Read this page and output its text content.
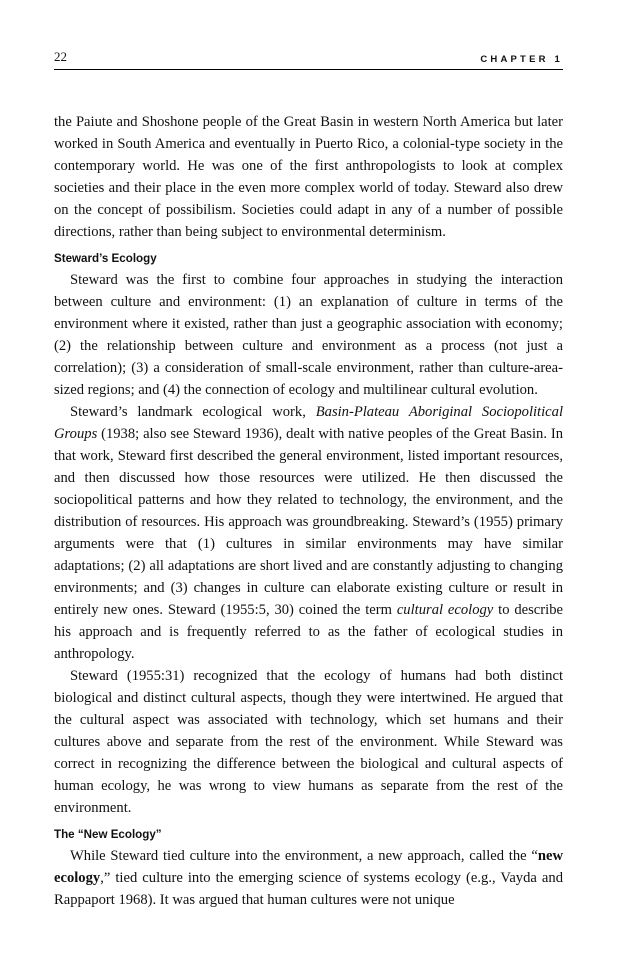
22	CHAPTER 1

the Paiute and Shoshone people of the Great Basin in western North America but later worked in South America and eventually in Puerto Rico, a colonial-type society in the contemporary world. He was one of the first anthropologists to look at complex societies and their place in the even more complex world of today. Steward also drew on the concept of possibilism. Societies could adapt in any of a number of possible directions, rather than being subject to environmental determinism.

Steward’s Ecology

Steward was the first to combine four approaches in studying the interaction between culture and environment: (1) an explanation of culture in terms of the environment where it existed, rather than just a geographic association with economy; (2) the relationship between culture and environment as a process (not just a correlation); (3) a consideration of small-scale environment, rather than culture-area-sized regions; and (4) the connection of ecology and multilinear cultural evolution.

Steward’s landmark ecological work, Basin-Plateau Aboriginal Sociopolitical Groups (1938; also see Steward 1936), dealt with native peoples of the Great Basin. In that work, Steward first described the general environment, listed important resources, and then discussed how those resources were utilized. He then discussed the sociopolitical patterns and how they related to technology, the environment, and the distribution of resources. His approach was groundbreaking. Steward’s (1955) primary arguments were that (1) cultures in similar environments may have similar adaptations; (2) all adaptations are short lived and are constantly adjusting to changing environments; and (3) changes in culture can elaborate existing culture or result in entirely new ones. Steward (1955:5, 30) coined the term cultural ecology to describe his approach and is frequently referred to as the father of ecological studies in anthropology.

Steward (1955:31) recognized that the ecology of humans had both distinct biological and distinct cultural aspects, though they were intertwined. He argued that the cultural aspect was associated with technology, which set humans and their cultures above and separate from the rest of the environment. While Steward was correct in recognizing the difference between the biological and cultural aspects of human ecology, he was wrong to view humans as separate from the rest of the environment.

The “New Ecology”

While Steward tied culture into the environment, a new approach, called the “new ecology,” tied culture into the emerging science of systems ecology (e.g., Vayda and Rappaport 1968). It was argued that human cultures were not unique
